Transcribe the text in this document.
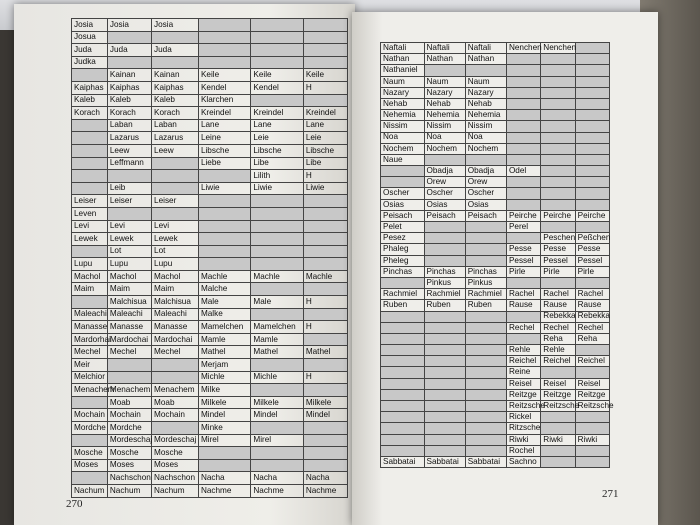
Josia	Josia	Josia			
Josua					
Juda	Juda	Juda			
Judka					
	Kainan	Kainan	Keile	Keile	Keile
Kaiphas	Kaiphas	Kaiphas	Kendel	Kendel	H
Kaleb	Kaleb	Kaleb	Klarchen		
Korach	Korach	Korach	Kreindel	Kreindel	Kreindel
	Laban	Laban	Lane	Lane	Lane
	Lazarus	Lazarus	Leine	Leie	Leie
	Leew	Leew	Libsche	Libsche	Libsche
	Leffmann		Liebe	Libe	Libe
				Lilith	H
	Leib		Liwie	Liwie	Liwie
Leiser	Leiser	Leiser			
Leven					
Levi	Levi	Levi			
Lewek	Lewek	Lewek			
	Lot	Lot			
Lupu	Lupu	Lupu			
Machol	Machol	Machol	Machle	Machle	Machle
Maim	Maim	Maim	Malche		
	Malchisua	Malchisua	Male	Male	H
Maleachi	Maleachi	Maleachi	Malke		
Manasse	Manasse	Manasse	Mamelchen	Mamelchen	H
Mardorhai	Mardochai	Mardochai	Mamle	Mamle	
Mechel	Mechel	Mechel	Mathel	Mathel	Mathel
Meir			Merjam		
Melchior			Michle	Michle	H
Menachem	Menachem	Menachem	Milke		
	Moab	Moab	Milkele	Milkele	Milkele
Mochain	Mochain	Mochain	Mindel	Mindel	Mindel
Mordche	Mordche		Minke		
	Mordeschaj	Mordeschaj	Mirel	Mirel	
Mosche	Mosche	Mosche			
Moses	Moses	Moses			
	Nachschon	Nachschon	Nacha	Nacha	Nacha
Nachum	Nachum	Nachum	Nachme	Nachme	Nachme
270
Naftali	Naftali	Naftali	Nenchen	Nenchen	
Nathan	Nathan	Nathan			
Nathaniel					
Naum	Naum	Naum			
Nazary	Nazary	Nazary			
Nehab	Nehab	Nehab			
Nehemia	Nehemia	Nehemia			
Nissim	Nissim	Nissim			
Noa	Noa	Noa			
Nochem	Nochem	Nochem			
Naue					
	Obadja	Obadja	Odel		
	Orew	Orew			
Oscher	Oscher	Oscher			
Osias	Osias	Osias			
Peisach	Peisach	Peisach	Peirche	Peirche	Peirche
Pelet			Perel		
Pesez				Peschen	Peßchen
Phaleg			Pesse	Pesse	Pesse
Pheleg			Pessel	Pessel	Pessel
Pinchas	Pinchas	Pinchas	Pirle	Pirle	Pirle
	Pinkus	Pinkus			
Rachmiel	Rachmiel	Rachmiel	Rachel	Rachel	Rachel
Ruben	Ruben	Ruben	Rause	Rause	Rause
				Rebekka	Rebekka
			Rechel	Rechel	Rechel
				Reha	Reha
			Rehle	Rehle	
			Reichel	Reichel	Reichel
			Reine		
			Reisel	Reisel	Reisel
			Reitzge	Reitzge	Reitzge
			Reitzsche	Reitzsche	Reitzsche
			Rickel		
			Ritzsche		
			Riwki	Riwki	Riwki
			Rochel		
Sabbatai	Sabbatai	Sabbatai	Sachno		
271
